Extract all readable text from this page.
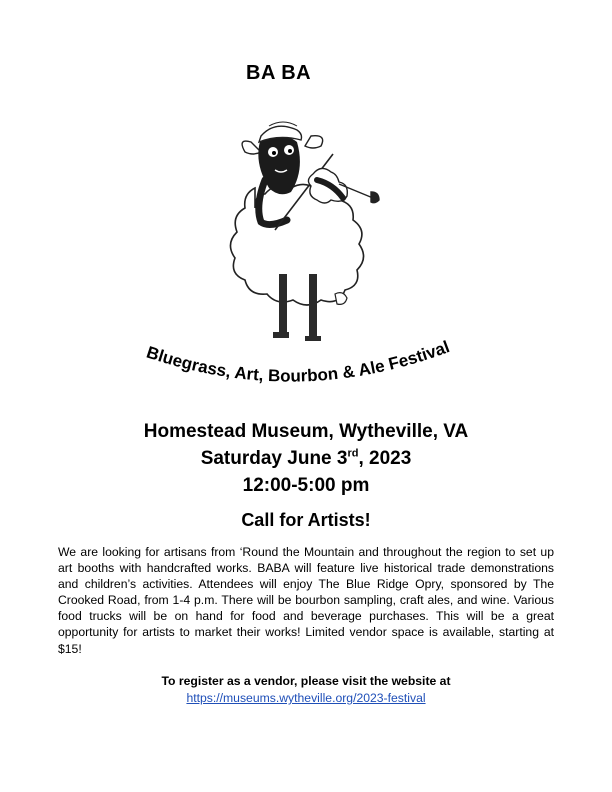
BA BA
Bluegrass, Art, Bourbon & Ale Festival
Homestead Museum, Wytheville, VA
Saturday June 3rd, 2023
12:00-5:00 pm
Call for Artists!
We are looking for artisans from ‘Round the Mountain and throughout the region to set up art booths with handcrafted works. BABA will feature live historical trade demonstrations and children’s activities. Attendees will enjoy The Blue Ridge Opry, sponsored by The Crooked Road, from 1-4 p.m. There will be bourbon sampling, craft ales, and wine. Various food trucks will be on hand for food and beverage purchases. This will be a great opportunity for artists to market their works! Limited vendor space is available, starting at $15!
To register as a vendor, please visit the website at
https://museums.wytheville.org/2023-festival
